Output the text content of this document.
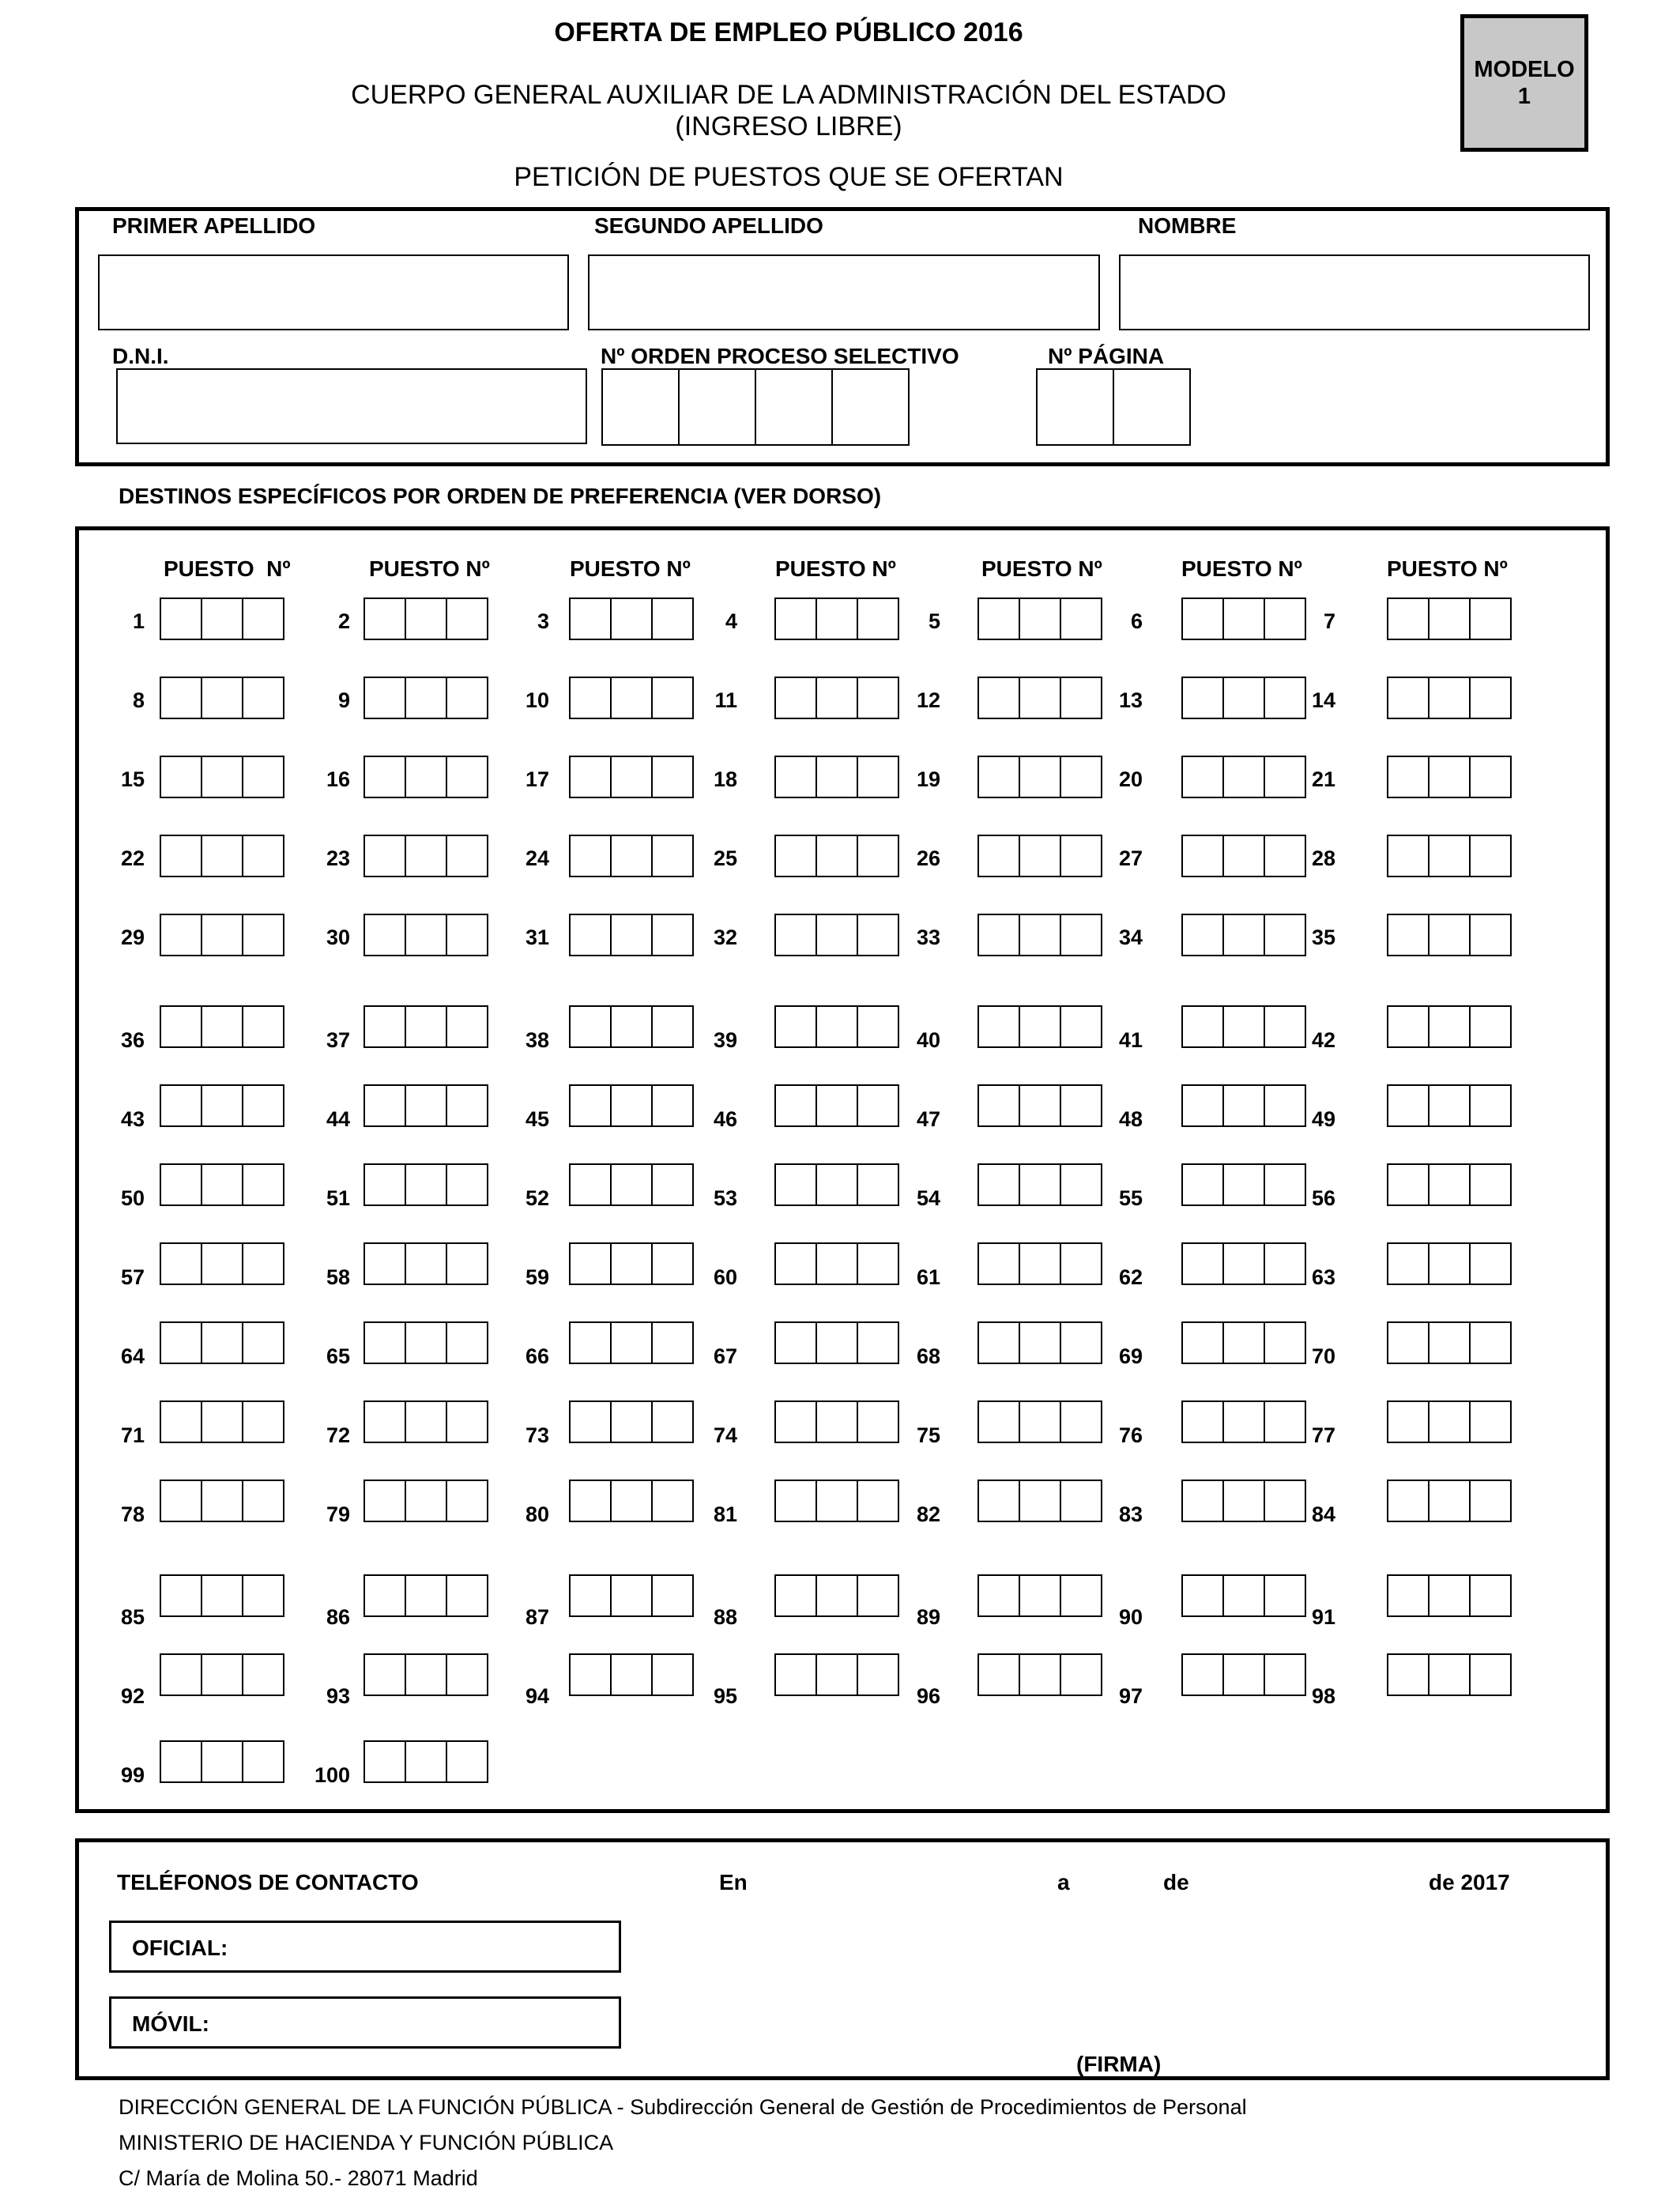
OFERTA DE EMPLEO PÚBLICO 2016
CUERPO GENERAL AUXILIAR DE LA ADMINISTRACIÓN DEL ESTADO
(INGRESO LIBRE)
PETICIÓN DE PUESTOS QUE SE OFERTAN
MODELO
1
PRIMER APELLIDO	SEGUNDO APELLIDO	NOMBRE
D.N.I.	Nº ORDEN PROCESO SELECTIVO	Nº PÁGINA
DESTINOS ESPECÍFICOS POR ORDEN DE PREFERENCIA (VER DORSO)
PUESTO  Nº	PUESTO Nº	PUESTO Nº	PUESTO Nº	PUESTO Nº	PUESTO Nº	PUESTO Nº
1	2	3	4	5	6	7
8	9	10	11	12	13	14
15	16	17	18	19	20	21
22	23	24	25	26	27	28
29	30	31	32	33	34	35
36	37	38	39	40	41	42
43	44	45	46	47	48	49
50	51	52	53	54	55	56
57	58	59	60	61	62	63
64	65	66	67	68	69	70
71	72	73	74	75	76	77
78	79	80	81	82	83	84
85	86	87	88	89	90	91
92	93	94	95	96	97	98
99	100
TELÉFONOS DE CONTACTO	En	a	de	de 2017
OFICIAL:
MÓVIL:
(FIRMA)
DIRECCIÓN GENERAL DE LA FUNCIÓN PÚBLICA - Subdirección General de Gestión de Procedimientos de Personal
MINISTERIO DE HACIENDA Y FUNCIÓN PÚBLICA
C/ María de Molina 50.- 28071 Madrid
